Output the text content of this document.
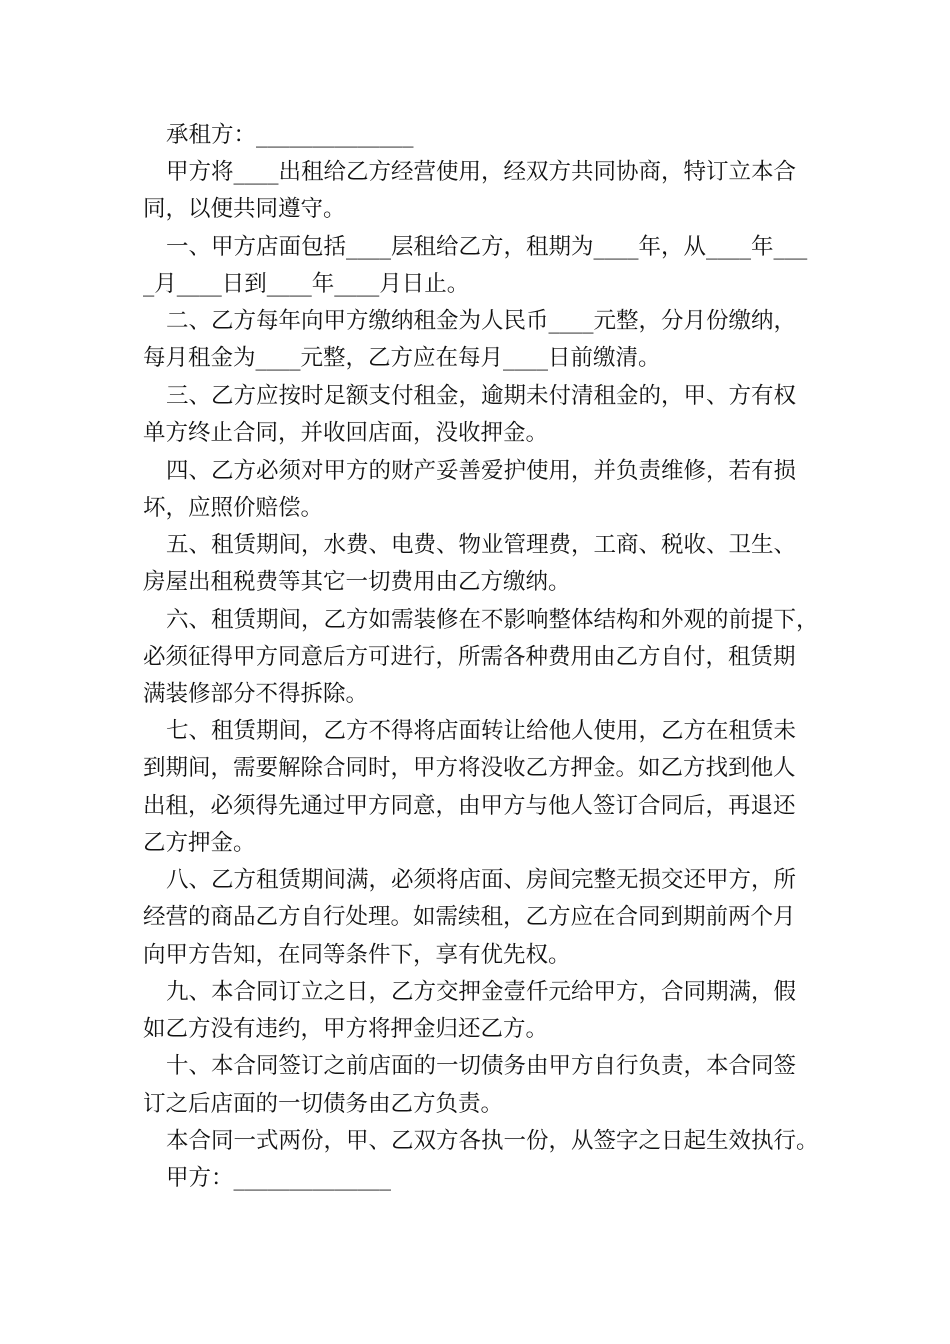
承租方：______________
甲方将____出租给乙方经营使用，经双方共同协商，特订立本合
同，以便共同遵守。
一、甲方店面包括____层租给乙方，租期为____年，从____年___
_月____日到____年____月日止。
二、乙方每年向甲方缴纳租金为人民币____元整，分月份缴纳，
每月租金为____元整，乙方应在每月____日前缴清。
三、乙方应按时足额支付租金，逾期未付清租金的，甲、方有权
单方终止合同，并收回店面，没收押金。
四、乙方必须对甲方的财产妥善爱护使用，并负责维修，若有损
坏，应照价赔偿。
五、租赁期间，水费、电费、物业管理费，工商、税收、卫生、
房屋出租税费等其它一切费用由乙方缴纳。
六、租赁期间，乙方如需装修在不影响整体结构和外观的前提下，
必须征得甲方同意后方可进行，所需各种费用由乙方自付，租赁期
满装修部分不得拆除。
七、租赁期间，乙方不得将店面转让给他人使用，乙方在租赁未
到期间，需要解除合同时，甲方将没收乙方押金。如乙方找到他人
出租，必须得先通过甲方同意，由甲方与他人签订合同后，再退还
乙方押金。
八、乙方租赁期间满，必须将店面、房间完整无损交还甲方，所
经营的商品乙方自行处理。如需续租，乙方应在合同到期前两个月
向甲方告知，在同等条件下，享有优先权。
九、本合同订立之日，乙方交押金壹仟元给甲方，合同期满，假
如乙方没有违约，甲方将押金归还乙方。
十、本合同签订之前店面的一切债务由甲方自行负责，本合同签
订之后店面的一切债务由乙方负责。
本合同一式两份，甲、乙双方各执一份，从签字之日起生效执行。
甲方：______________
